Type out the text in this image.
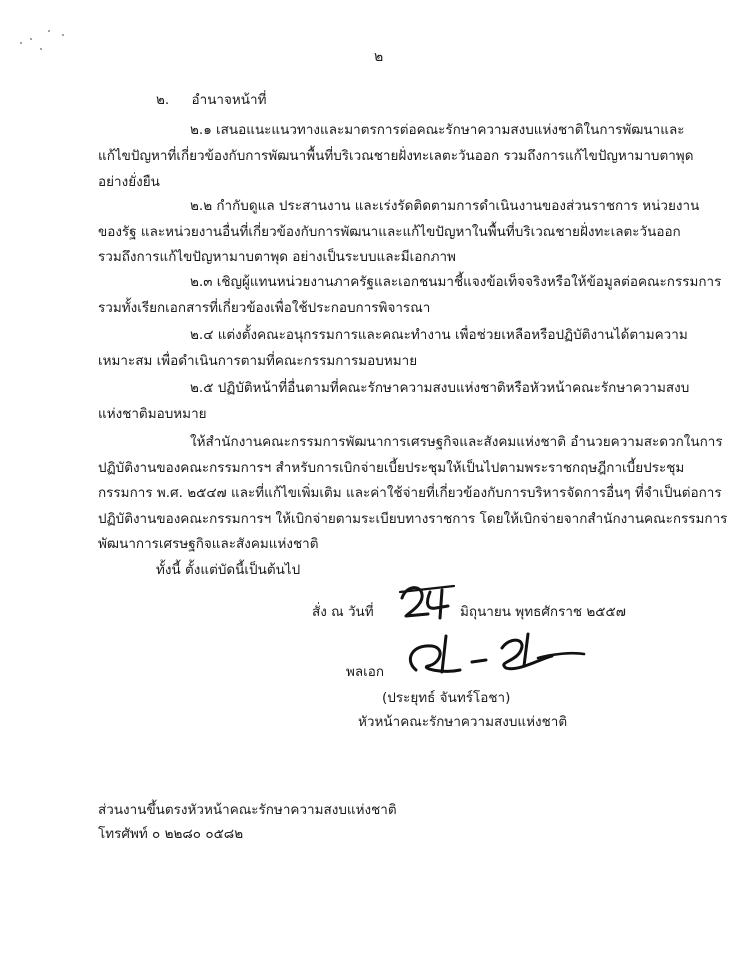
๒
๒. อำนาจหน้าที่
๒.๑ เสนอแนะแนวทางและมาตรการต่อคณะรักษาความสงบแห่งชาติในการพัฒนาและ
แก้ไขปัญหาที่เกี่ยวข้องกับการพัฒนาพื้นที่บริเวณชายฝั่งทะเลตะวันออก รวมถึงการแก้ไขปัญหามาบตาพุด
อย่างยั่งยืน
๒.๒ กำกับดูแล ประสานงาน และเร่งรัดติดตามการดำเนินงานของส่วนราชการ หน่วยงาน
ของรัฐ และหน่วยงานอื่นที่เกี่ยวข้องกับการพัฒนาและแก้ไขปัญหาในพื้นที่บริเวณชายฝั่งทะเลตะวันออก
รวมถึงการแก้ไขปัญหามาบตาพุด อย่างเป็นระบบและมีเอกภาพ
๒.๓ เชิญผู้แทนหน่วยงานภาครัฐและเอกชนมาชี้แจงข้อเท็จจริงหรือให้ข้อมูลต่อคณะกรรมการ
รวมทั้งเรียกเอกสารที่เกี่ยวข้องเพื่อใช้ประกอบการพิจารณา
๒.๔ แต่งตั้งคณะอนุกรรมการและคณะทำงาน เพื่อช่วยเหลือหรือปฏิบัติงานได้ตามความ
เหมาะสม เพื่อดำเนินการตามที่คณะกรรมการมอบหมาย
๒.๕ ปฏิบัติหน้าที่อื่นตามที่คณะรักษาความสงบแห่งชาติหรือหัวหน้าคณะรักษาความสงบ
แห่งชาติมอบหมาย
ให้สำนักงานคณะกรรมการพัฒนาการเศรษฐกิจและสังคมแห่งชาติ อำนวยความสะดวกในการ
ปฏิบัติงานของคณะกรรมการฯ สำหรับการเบิกจ่ายเบี้ยประชุมให้เป็นไปตามพระราชกฤษฎีกาเบี้ยประชุม
กรรมการ พ.ศ. ๒๕๔๗ และที่แก้ไขเพิ่มเติม และค่าใช้จ่ายที่เกี่ยวข้องกับการบริหารจัดการอื่นๆ ที่จำเป็นต่อการ
ปฏิบัติงานของคณะกรรมการฯ ให้เบิกจ่ายตามระเบียบทางราชการ โดยให้เบิกจ่ายจากสำนักงานคณะกรรมการ
พัฒนาการเศรษฐกิจและสังคมแห่งชาติ
ทั้งนี้ ตั้งแต่บัดนี้เป็นต้นไป
สั่ง ณ วันที่	มิถุนายน พุทธศักราช ๒๕๕๗
พลเอก
(ประยุทธ์ จันทร์โอชา)
หัวหน้าคณะรักษาความสงบแห่งชาติ
ส่วนงานขึ้นตรงหัวหน้าคณะรักษาความสงบแห่งชาติ
โทรศัพท์ ๐ ๒๒๘๐ ๐๕๘๒
